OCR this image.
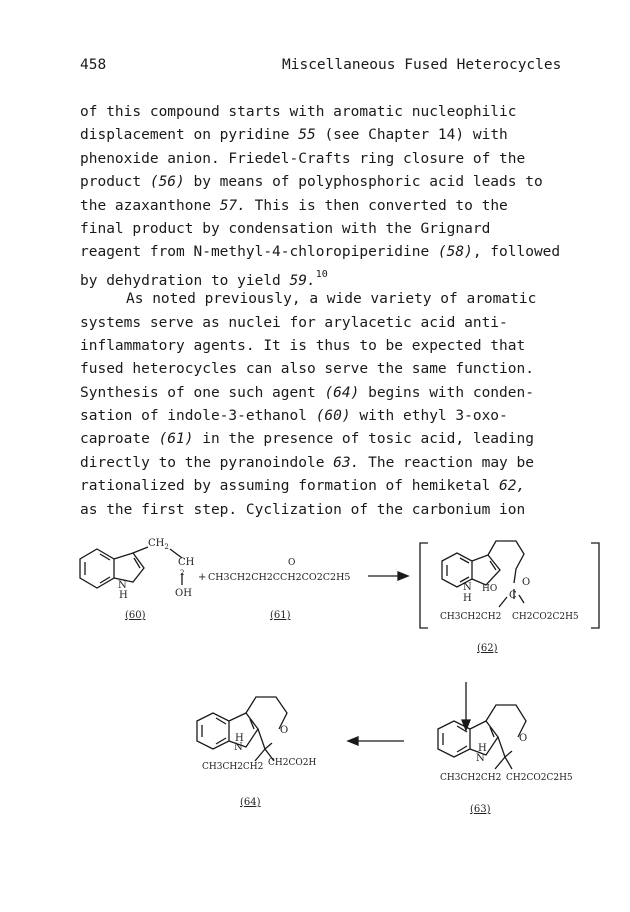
458	Miscellaneous Fused Heterocycles
of this compound starts with aromatic nucleophilic
displacement on pyridine 55 (see Chapter 14) with
phenoxide anion. Friedel-Crafts ring closure of the
product (56) by means of polyphosphoric acid leads to
the azaxanthone 57. This is then converted to the
final product by condensation with the Grignard
reagent from N-methyl-4-chloropiperidine (58), followed
by dehydration to yield 59.10
As noted previously, a wide variety of aromatic
systems serve as nuclei for arylacetic acid anti-
inflammatory agents. It is thus to be expected that
fused heterocycles can also serve the same function.
Synthesis of one such agent (64) begins with conden-
sation of indole-3-ethanol (60) with ethyl 3-oxo-
caproate (61) in the presence of tosic acid, leading
directly to the pyranoindole 63. The reaction may be
rationalized by assuming formation of hemiketal 62,
as the first step. Cyclization of the carbonium ion
$CH_2$
CH
2
OH
N
H
(60)
+ CH3CH2CH2CCH2CO2C2H5
O
(61)
N
H
HO
C
O
CH3CH2CH2 CH2CO2C2H5
(62)
N
H
O
CH3CH2CH2 CH2CO2C2H5
(63)
N
H
O
CH3CH2CH2 CH2CO2H
(64)
